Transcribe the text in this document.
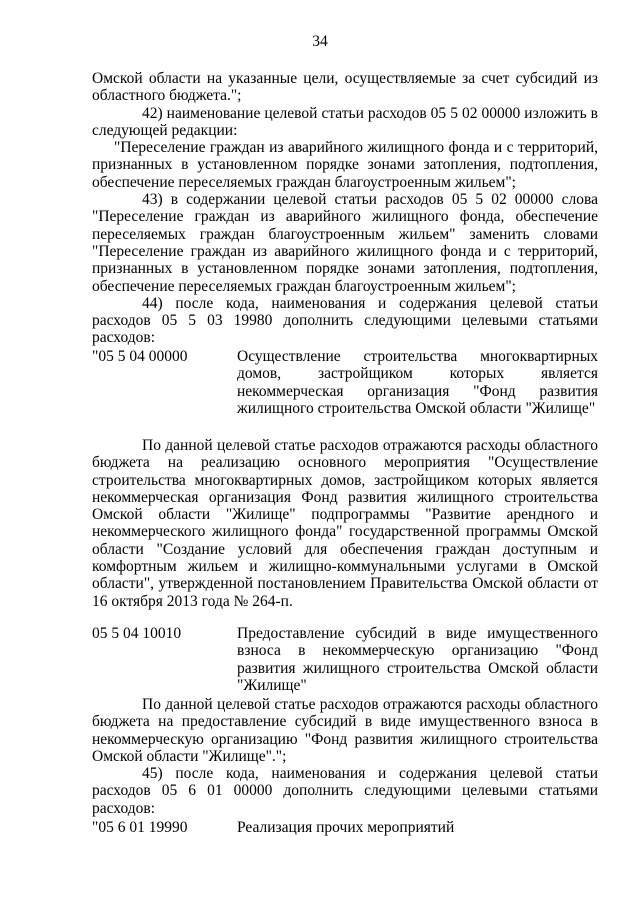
34

Омской области на указанные цели, осуществляемые за счет субсидий из областного бюджета.";

42) наименование целевой статьи расходов 05 5 02 00000 изложить в следующей редакции:

"Переселение граждан из аварийного жилищного фонда и с территорий, признанных в установленном порядке зонами затопления, подтопления, обеспечение переселяемых граждан благоустроенным жильем";

43) в содержании целевой статьи расходов 05 5 02 00000 слова "Переселение граждан из аварийного жилищного фонда, обеспечение переселяемых граждан благоустроенным жильем" заменить словами "Переселение граждан из аварийного жилищного фонда и с территорий, признанных в установленном порядке зонами затопления, подтопления, обеспечение переселяемых граждан благоустроенным жильем";

44) после кода, наименования и содержания целевой статьи расходов 05 5 03 19980 дополнить следующими целевыми статьями расходов:

"05 5 04 00000	Осуществление строительства многоквартирных домов, застройщиком которых является некоммерческая организация "Фонд развития жилищного строительства Омской области "Жилище"

По данной целевой статье расходов отражаются расходы областного бюджета на реализацию основного мероприятия "Осуществление строительства многоквартирных домов, застройщиком которых является некоммерческая организация Фонд развития жилищного строительства Омской области "Жилище" подпрограммы "Развитие арендного и некоммерческого жилищного фонда" государственной программы Омской области "Создание условий для обеспечения граждан доступным и комфортным жильем и жилищно-коммунальными услугами в Омской области", утвержденной постановлением Правительства Омской области от 16 октября 2013 года № 264-п.

05 5 04 10010	Предоставление субсидий в виде имущественного взноса в некоммерческую организацию "Фонд развития жилищного строительства Омской области "Жилище"

По данной целевой статье расходов отражаются расходы областного бюджета на предоставление субсидий в виде имущественного взноса в некоммерческую организацию "Фонд развития жилищного строительства Омской области "Жилище".";

45) после кода, наименования и содержания целевой статьи расходов 05 6 01 00000 дополнить следующими целевыми статьями расходов:

"05 6 01 19990	Реализация прочих мероприятий
